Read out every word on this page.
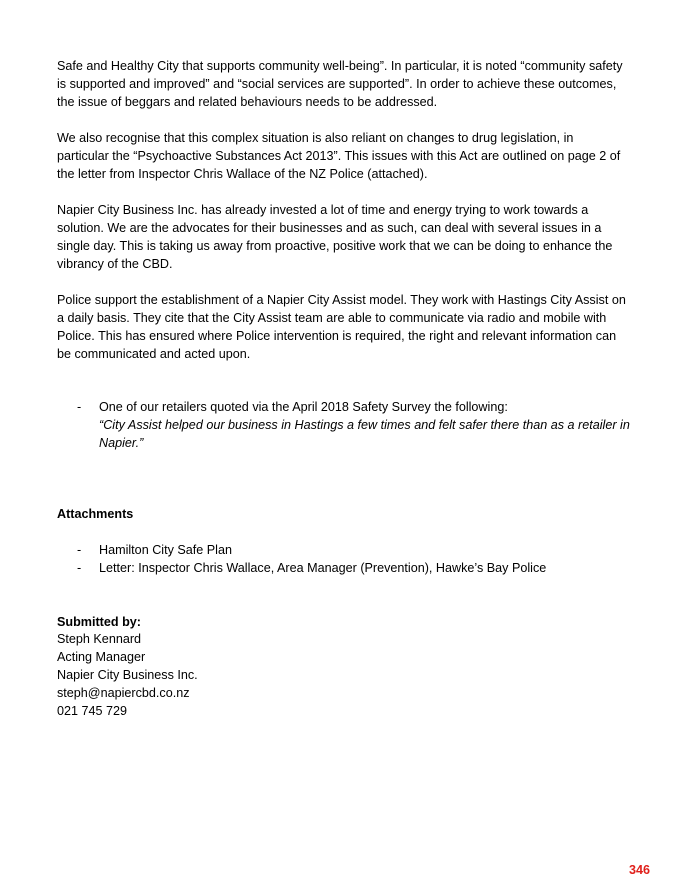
Safe and Healthy City that supports community well-being”. In particular, it is noted “community safety is supported and improved” and “social services are supported”. In order to achieve these outcomes, the issue of beggars and related behaviours needs to be addressed.

We also recognise that this complex situation is also reliant on changes to drug legislation, in particular the “Psychoactive Substances Act 2013”. This issues with this Act are outlined on page 2 of the letter from Inspector Chris Wallace of the NZ Police (attached).

Napier City Business Inc. has already invested a lot of time and energy trying to work towards a solution. We are the advocates for their businesses and as such, can deal with several issues in a single day. This is taking us away from proactive, positive work that we can be doing to enhance the vibrancy of the CBD.

Police support the establishment of a Napier City Assist model. They work with Hastings City Assist on a daily basis. They cite that the City Assist team are able to communicate via radio and mobile with Police. This has ensured where Police intervention is required, the right and relevant information can be communicated and acted upon.

- One of our retailers quoted via the April 2018 Safety Survey the following:
“City Assist helped our business in Hastings a few times and felt safer there than as a retailer in Napier.”
Attachments
- Hamilton City Safe Plan
- Letter: Inspector Chris Wallace, Area Manager (Prevention), Hawke’s Bay Police
Submitted by:
Steph Kennard
Acting Manager
Napier City Business Inc.
steph@napiercbd.co.nz
021 745 729
346
